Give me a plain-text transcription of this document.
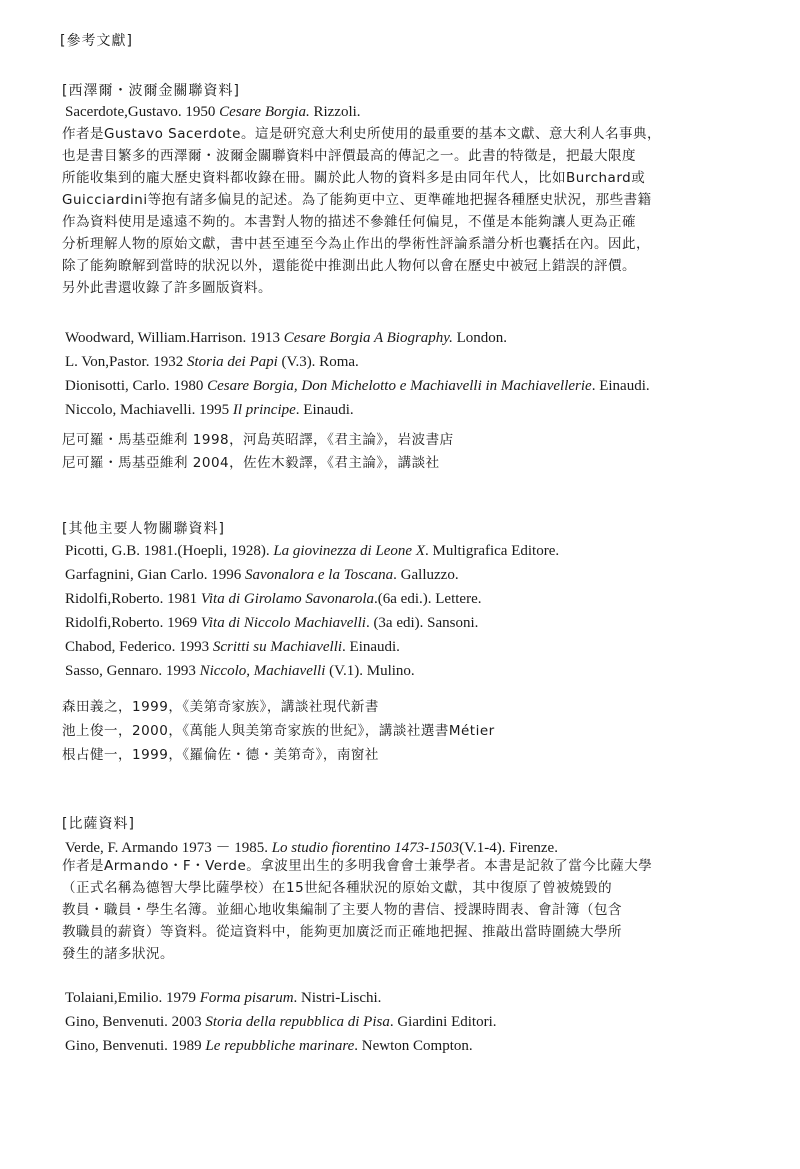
[參考文獻]
[西澤爾・波爾金關聯資料]
Sacerdote,Gustavo. 1950 Cesare Borgia. Rizzoli.
作者是Gustavo Sacerdote。這是研究意大利史所使用的最重要的基本文獻、意大利人名事典，
也是書目繁多的西澤爾・波爾金關聯資料中評價最高的傳記之一。此書的特徵是，把最大限度
所能收集到的龐大歷史資料都收錄在冊。關於此人物的資料多是由同年代人，比如Burchard或
Guicciardini等抱有諸多偏見的記述。為了能夠更中立、更準確地把握各種歷史狀況，那些書籍
作為資料使用是遠遠不夠的。本書對人物的描述不參雜任何偏見，不僅是本能夠讓人更為正確
分析理解人物的原始文獻，書中甚至連至今為止作出的學術性評論系譜分析也囊括在內。因此，
除了能夠瞭解到當時的狀況以外，還能從中推測出此人物何以會在歷史中被冠上錯誤的評價。
另外此書還收錄了許多圖版資料。
Woodward, William.Harrison. 1913 Cesare Borgia A Biography. London.
L. Von,Pastor. 1932 Storia dei Papi (V.3). Roma.
Dionisotti, Carlo. 1980 Cesare Borgia, Don Michelotto e Machiavelli in Machiavellerie. Einaudi.
Niccolo, Machiavelli. 1995 Il principe. Einaudi.
尼可羅・馬基亞維利 1998，河島英昭譯，《君主論》，岩波書店
尼可羅・馬基亞維利 2004，佐佐木毅譯，《君主論》，講談社
[其他主要人物關聯資料]
Picotti, G.B. 1981.(Hoepli, 1928). La giovinezza di Leone X. Multigrafica Editore.
Garfagnini, Gian Carlo. 1996 Savonalora e la Toscana. Galluzzo.
Ridolfi,Roberto. 1981 Vita di Girolamo Savonarola.(6a edi.). Lettere.
Ridolfi,Roberto. 1969 Vita di Niccolo Machiavelli. (3a edi). Sansoni.
Chabod, Federico. 1993 Scritti su Machiavelli. Einaudi.
Sasso, Gennaro. 1993 Niccolo, Machiavelli (V.1). Mulino.
森田義之，1999，《美第奇家族》，講談社現代新書
池上俊一，2000，《萬能人與美第奇家族的世紀》，講談社選書Métier
根占健一，1999，《羅倫佐・德・美第奇》，南窗社
[比薩資料]
Verde, F. Armando 1973 － 1985. Lo studio fiorentino 1473-1503(V.1-4). Firenze.
作者是Armando・F・Verde。拿波里出生的多明我會會士兼學者。本書是記敘了當今比薩大學
（正式名稱為德智大學比薩學校）在15世紀各種狀況的原始文獻，其中復原了曾被燒毀的
教員・職員・學生名簿。並細心地收集編制了主要人物的書信、授課時間表、會計簿（包含
教職員的薪資）等資料。從這資料中，能夠更加廣泛而正確地把握、推敲出當時圍繞大學所
發生的諸多狀況。
Tolaiani,Emilio. 1979 Forma pisarum. Nistri-Lischi.
Gino, Benvenuti. 2003 Storia della repubblica di Pisa. Giardini Editori.
Gino, Benvenuti. 1989 Le repubbliche marinare. Newton Compton.
